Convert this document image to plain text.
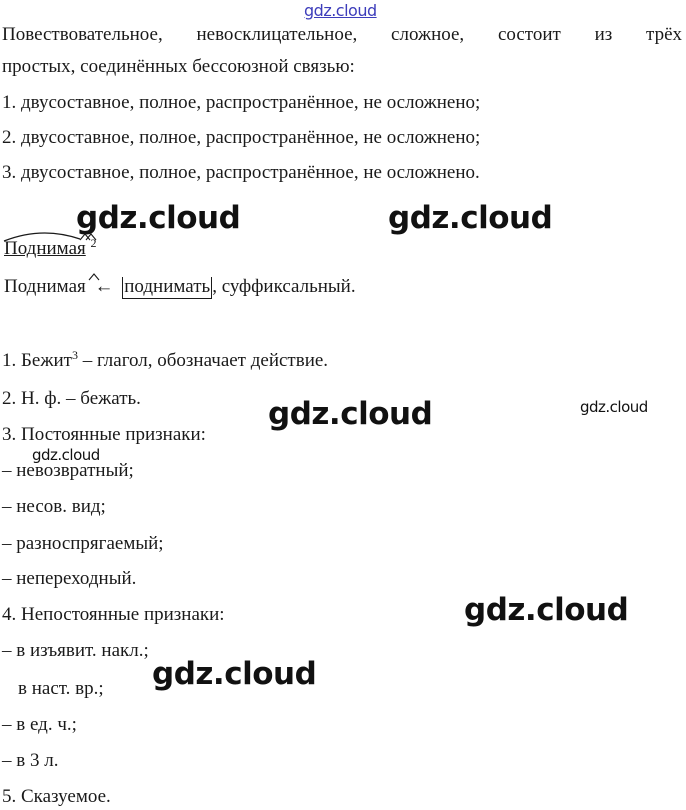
gdz.cloud
Повествовательное, невосклицательное, сложное, состоит из трёх
простых, соединённых бессоюзной связью:
1. двусоставное, полное, распространённое, не осложнено;
2. двусоставное, полное, распространённое, не осложнено;
3. двусоставное, полное, распространённое, не осложнено.
gdz.cloud	gdz.cloud
Поднимая $^2$
Поднимая ← поднимать , суффиксальный.
1. Бежит$^3$ – глагол, обозначает действие.
2. Н. ф. – бежать.	gdz.cloud	gdz.cloud
3. Постоянные признаки:
gdz.cloud
– невозвратный;
– несов. вид;
– разноспрягаемый;
– непереходный.
4. Непостоянные признаки:	gdz.cloud
– в изъявит. накл.;
gdz.cloud
в наст. вр.;
– в ед. ч.;
– в 3 л.
5. Сказуемое.
